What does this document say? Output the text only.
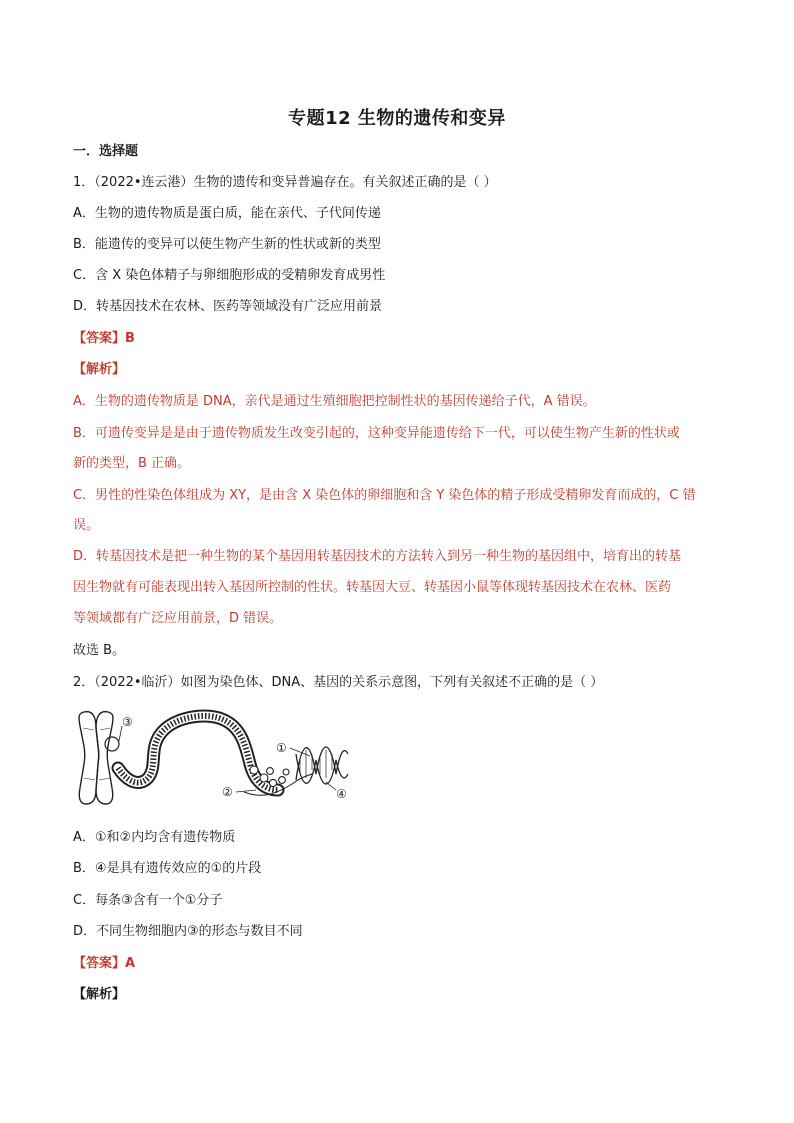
专题12 生物的遗传和变异
一．选择题
1．（2022•连云港）生物的遗传和变异普遍存在。有关叙述正确的是（ ）
A．生物的遗传物质是蛋白质，能在亲代、子代间传递
B．能遗传的变异可以使生物产生新的性状或新的类型
C．含 X 染色体精子与卵细胞形成的受精卵发育成男性
D．转基因技术在农林、医药等领域没有广泛应用前景
【答案】B
【解析】
A．生物的遗传物质是 DNA，亲代是通过生殖细胞把控制性状的基因传递给子代，A 错误。
B．可遗传变异是是由于遗传物质发生改变引起的，这种变异能遗传给下一代，可以使生物产生新的性状或
新的类型，B 正确。
C．男性的性染色体组成为 XY，是由含 X 染色体的卵细胞和含 Y 染色体的精子形成受精卵发育而成的，C 错
误。
D．转基因技术是把一种生物的某个基因用转基因技术的方法转入到另一种生物的基因组中，培育出的转基
因生物就有可能表现出转入基因所控制的性状。转基因大豆、转基因小鼠等体现转基因技术在农林、医药
等领域都有广泛应用前景，D 错误。
故选 B。
2．（2022•临沂）如图为染色体、DNA、基因的关系示意图，下列有关叙述不正确的是（ ）
③
①
②	④
A．①和②内均含有遗传物质
B．④是具有遗传效应的①的片段
C．每条③含有一个①分子
D．不同生物细胞内③的形态与数目不同
【答案】A
【解析】
